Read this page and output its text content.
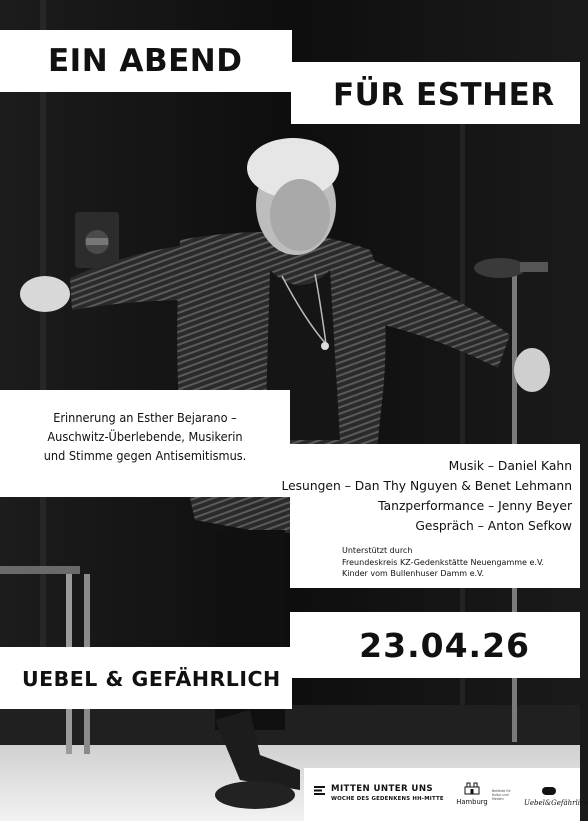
EIN ABEND
FÜR ESTHER
Erinnerung an Esther Bejarano –
Auschwitz-Überlebende, Musikerin
und Stimme gegen Antisemitismus.
Musik – Daniel Kahn
Lesungen – Dan Thy Nguyen & Benet Lehmann
Tanzperformance – Jenny Beyer
Gespräch – Anton Sefkow
Unterstützt durch
Freundeskreis KZ-Gedenkstätte Neuengamme e.V.
Kinder vom Bullenhuser Damm e.V.
23.04.26
UEBEL & GEFÄHRLICH
MITTEN UNTER UNS
WOCHE DES GEDENKENS HH-MITTE	Hamburg
Behörde für Kultur und Medien	Uebel&Gefährlich
